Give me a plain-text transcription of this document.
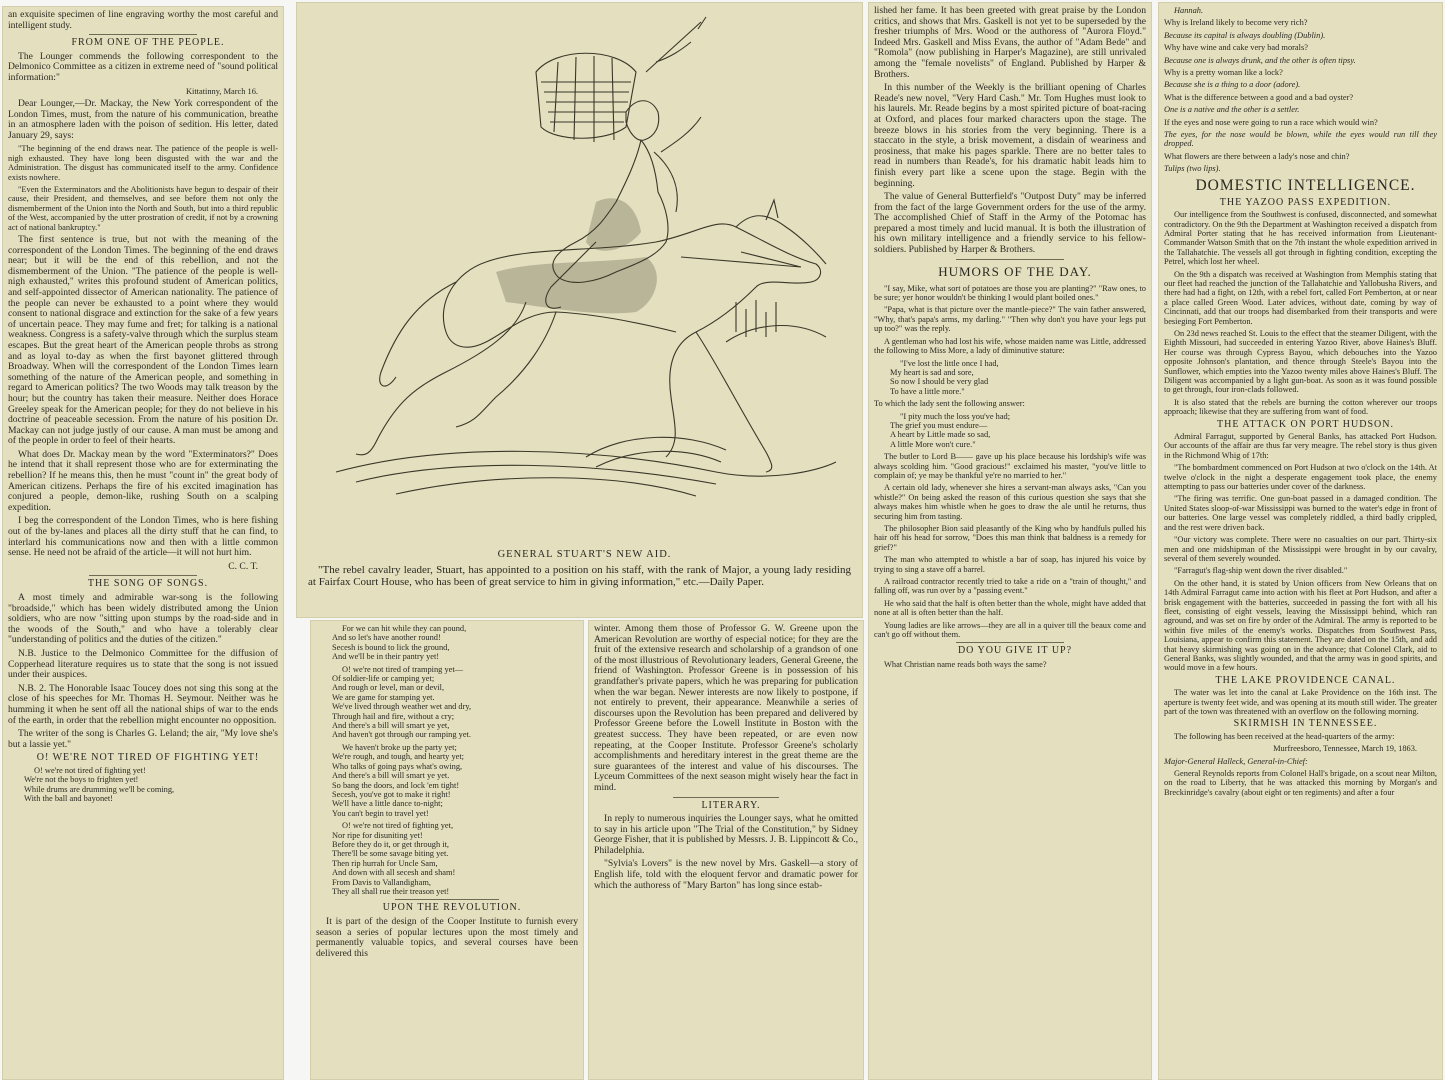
an exquisite specimen of line engraving worthy the most careful and intelligent study.

FROM ONE OF THE PEOPLE.

The Lounger commends the following correspondent to the Delmonico Committee as a citizen in extreme need of "sound political information:"

Kittatinny, March 16.

Dear Lounger,—Dr. Mackay, the New York correspondent of the London Times, must, from the nature of his communication, breathe in an atmosphere laden with the poison of sedition. His letter, dated January 29, says:

"The beginning of the end draws near. The patience of the people is well-nigh exhausted. They have long been disgusted with the war and the Administration. The disgust has communicated itself to the army. Confidence exists nowhere.

"Even the Exterminators and the Abolitionists have begun to despair of their cause, their President, and themselves, and see before them not only the dismemberment of the Union into the North and South, but into a third republic of the West, accompanied by the utter prostration of credit, if not by a crowning act of national bankruptcy."

The first sentence is true, but not with the meaning of the correspondent of the London Times. The beginning of the end draws near; but it will be the end of this rebellion, and not the dismemberment of the Union. "The patience of the people is well-nigh exhausted," writes this profound student of American politics, and self-appointed dissector of American nationality. The patience of the people can never be exhausted to a point where they would consent to national disgrace and extinction for the sake of a few years of uncertain peace. They may fume and fret; for talking is a national weakness. Congress is a safety-valve through which the surplus steam escapes. But the great heart of the American people throbs as strong and as loyal to-day as when the first bayonet glittered through Broadway. When will the correspondent of the London Times learn something of the nature of the American people, and something in regard to American politics? The two Woods may talk treason by the hour; but the country has taken their measure. Neither does Horace Greeley speak for the American people; for they do not believe in his doctrine of peaceable secession. From the nature of his position Dr. Mackay can not judge justly of our cause. A man must be among and of the people in order to feel of their hearts.

What does Dr. Mackay mean by the word "Exterminators?" Does he intend that it shall represent those who are for exterminating the rebellion? If he means this, then he must "count in" the great body of American citizens. Perhaps the fire of his excited imagination has conjured a people, demon-like, rushing South on a scalping expedition.

I beg the correspondent of the London Times, who is here fishing out of the by-lanes and places all the dirty stuff that he can find, to interlard his communications now and then with a little common sense. He need not be afraid of the article—it will not hurt him.

C. C. T.

THE SONG OF SONGS.

A most timely and admirable war-song is the following "broadside," which has been widely distributed among the Union soldiers, who are now "sitting upon stumps by the road-side and in the woods of the South," and who have a tolerably clear "understanding of politics and the duties of the citizen."

N.B. Justice to the Delmonico Committee for the diffusion of Copperhead literature requires us to state that the song is not issued under their auspices.

N.B. 2. The Honorable Isaac Toucey does not sing this song at the close of his speeches for Mr. Thomas H. Seymour. Neither was he humming it when he sent off all the national ships of war to the ends of the earth, in order that the rebellion might encounter no opposition.

The writer of the song is Charles G. Leland; the air, "My love she's but a lassie yet."

O! WE'RE NOT TIRED OF FIGHTING YET!

O! we're not tired of fighting yet!
We're not the boys to frighten yet!
While drums are drumming we'll be coming,
With the ball and bayonet!

GENERAL STUART'S NEW AID.

"The rebel cavalry leader, Stuart, has appointed to a position on his staff, with the rank of Major, a young lady residing at Fairfax Court House, who has been of great service to him in giving information," etc.—Daily Paper.

For we can hit while they can pound,
And so let's have another round!
Secesh is bound to lick the ground,
And we'll be in their pantry yet!

O! we're not tired of tramping yet—
Of soldier-life or camping yet;
And rough or level, man or devil,
We are game for stamping yet.
We've lived through weather wet and dry,
Through hail and fire, without a cry;
And there's a bill will smart ye yet,
And haven't got through our ramping yet.

We haven't broke up the party yet;
We're rough, and tough, and hearty yet;
Who talks of going pays what's owing,
And there's a bill will smart ye yet.
So bang the doors, and lock 'em tight!
Secesh, you've got to make it right!
We'll have a little dance to-night;
You can't begin to travel yet!

O! we're not tired of fighting yet,
Nor ripe for disuniting yet!
Before they do it, or get through it,
There'll be some savage biting yet.
Then rip hurrah for Uncle Sam,
And down with all secesh and sham!
From Davis to Vallandigham,
They all shall rue their treason yet!

UPON THE REVOLUTION.

It is part of the design of the Cooper Institute to furnish every season a series of popular lectures upon the most timely and permanently valuable topics, and several courses have been delivered this

winter. Among them those of Professor G. W. Greene upon the American Revolution are worthy of especial notice; for they are the fruit of the extensive research and scholarship of a grandson of one of the most illustrious of Revolutionary leaders, General Greene, the friend of Washington. Professor Greene is in possession of his grandfather's private papers, which he was preparing for publication when the war began. Newer interests are now likely to postpone, if not entirely to prevent, their appearance. Meanwhile a series of discourses upon the Revolution has been prepared and delivered by Professor Greene before the Lowell Institute in Boston with the greatest success. They have been repeated, or are even now repeating, at the Cooper Institute. Professor Greene's scholarly accomplishments and hereditary interest in the great theme are the sure guarantees of the interest and value of his discourses. The Lyceum Committees of the next season might wisely hear the fact in mind.

LITERARY.

In reply to numerous inquiries the Lounger says, what he omitted to say in his article upon "The Trial of the Constitution," by Sidney George Fisher, that it is published by Messrs. J. B. Lippincott & Co., Philadelphia.

"Sylvia's Lovers" is the new novel by Mrs. Gaskell—a story of English life, told with the eloquent fervor and dramatic power for which the authoress of "Mary Barton" has long since estab-

lished her fame. It has been greeted with great praise by the London critics, and shows that Mrs. Gaskell is not yet to be superseded by the fresher triumphs of Mrs. Wood or the authoress of "Aurora Floyd." Indeed Mrs. Gaskell and Miss Evans, the author of "Adam Bede" and "Romola" (now publishing in Harper's Magazine), are still unrivaled among the "female novelists" of England. Published by Harper & Brothers.

In this number of the Weekly is the brilliant opening of Charles Reade's new novel, "Very Hard Cash." Mr. Tom Hughes must look to his laurels. Mr. Reade begins by a most spirited picture of boat-racing at Oxford, and places four marked characters upon the stage. The breeze blows in his stories from the very beginning. There is a staccato in the style, a brisk movement, a disdain of weariness and prosiness, that make his pages sparkle. There are no better tales to read in numbers than Reade's, for his dramatic habit leads him to finish every part like a scene upon the stage. Begin with the beginning.

The value of General Butterfield's "Outpost Duty" may be inferred from the fact of the large Government orders for the use of the army. The accomplished Chief of Staff in the Army of the Potomac has prepared a most timely and lucid manual. It is both the illustration of his own military intelligence and a friendly service to his fellow-soldiers. Published by Harper & Brothers.

HUMORS OF THE DAY.

"I say, Mike, what sort of potatoes are those you are planting?" "Raw ones, to be sure; yer honor wouldn't be thinking I would plant boiled ones."

"Papa, what is that picture over the mantle-piece?" The vain father answered, "Why, that's papa's arms, my darling." "Then why don't you have your legs put up too?" was the reply.

A gentleman who had lost his wife, whose maiden name was Little, addressed the following to Miss More, a lady of diminutive stature:

"I've lost the little once I had,
My heart is sad and sore,
So now I should be very glad
To have a little more."

To which the lady sent the following answer:

"I pity much the loss you've had;
The grief you must endure—
A heart by Little made so sad,
A little More won't cure."

The butler to Lord B—— gave up his place because his lordship's wife was always scolding him. "Good gracious!" exclaimed his master, "you've little to complain of; ye may be thankful ye're no married to her."

A certain old lady, whenever she hires a servant-man always asks, "Can you whistle?" On being asked the reason of this curious question she says that she always makes him whistle when he goes to draw the ale until he returns, thus securing him from tasting.

The philosopher Bion said pleasantly of the King who by handfuls pulled his hair off his head for sorrow, "Does this man think that baldness is a remedy for grief?"

The man who attempted to whistle a bar of soap, has injured his voice by trying to sing a stave off a barrel.

A railroad contractor recently tried to take a ride on a "train of thought," and falling off, was run over by a "passing event."

He who said that the half is often better than the whole, might have added that none at all is often better than the half.

Young ladies are like arrows—they are all in a quiver till the beaux come and can't go off without them.

DO YOU GIVE IT UP?

What Christian name reads both ways the same?

Hannah.

Why is Ireland likely to become very rich?

Because its capital is always doubling (Dublin).

Why have wine and cake very bad morals?

Because one is always drunk, and the other is often tipsy.

Why is a pretty woman like a lock?

Because she is a thing to a door (adore).

What is the difference between a good and a bad oyster?

One is a native and the other is a settler.

If the eyes and nose were going to run a race which would win?

The eyes, for the nose would be blown, while the eyes would run till they dropped.

What flowers are there between a lady's nose and chin?

Tulips (two lips).

DOMESTIC INTELLIGENCE.

THE YAZOO PASS EXPEDITION.

Our intelligence from the Southwest is confused, disconnected, and somewhat contradictory. On the 9th the Department at Washington received a dispatch from Admiral Porter stating that he has received information from Lieutenant-Commander Watson Smith that on the 7th instant the whole expedition arrived in the Tallahatchie. The vessels all got through in fighting condition, excepting the Petrel, which lost her wheel.

On the 9th a dispatch was received at Washington from Memphis stating that our fleet had reached the junction of the Tallahatchie and Yallobusha Rivers, and there had had a fight, on 12th, with a rebel fort, called Fort Pemberton, at or near a place called Green Wood. Later advices, without date, coming by way of Cincinnati, add that our troops had disembarked from their transports and were besieging Fort Pemberton.

On 23d news reached St. Louis to the effect that the steamer Diligent, with the Eighth Missouri, had succeeded in entering Yazoo River, above Haines's Bluff. Her course was through Cypress Bayou, which debouches into the Yazoo opposite Johnson's plantation, and thence through Steele's Bayou into the Sunflower, which empties into the Yazoo twenty miles above Haines's Bluff. The Diligent was accompanied by a light gun-boat. As soon as it was found possible to get through, four iron-clads followed.

It is also stated that the rebels are burning the cotton wherever our troops approach; likewise that they are suffering from want of food.

THE ATTACK ON PORT HUDSON.

Admiral Farragut, supported by General Banks, has attacked Port Hudson. Our accounts of the affair are thus far very meagre. The rebel story is thus given in the Richmond Whig of 17th:

"The bombardment commenced on Port Hudson at two o'clock on the 14th. At twelve o'clock in the night a desperate engagement took place, the enemy attempting to pass our batteries under cover of the darkness.

"The firing was terrific. One gun-boat passed in a damaged condition. The United States sloop-of-war Mississippi was burned to the water's edge in front of our batteries. One large vessel was completely riddled, a third badly crippled, and the rest were driven back.

"Our victory was complete. There were no casualties on our part. Thirty-six men and one midshipman of the Mississippi were brought in by our cavalry, several of them severely wounded.

"Farragut's flag-ship went down the river disabled."

On the other hand, it is stated by Union officers from New Orleans that on 14th Admiral Farragut came into action with his fleet at Port Hudson, and after a brisk engagement with the batteries, succeeded in passing the fort with all his fleet, consisting of eight vessels, leaving the Mississippi behind, which ran aground, and was set on fire by order of the Admiral. The army is reported to be within five miles of the enemy's works. Dispatches from Southwest Pass, Louisiana, appear to confirm this statement. They are dated on the 15th, and add that heavy skirmishing was going on in the advance; that Colonel Clark, aid to General Banks, was slightly wounded, and that the army was in good spirits, and would move in a few hours.

THE LAKE PROVIDENCE CANAL.

The water was let into the canal at Lake Providence on the 16th inst. The aperture is twenty feet wide, and was opening at its mouth still wider. The greater part of the town was threatened with an overflow on the following morning.

SKIRMISH IN TENNESSEE.

The following has been received at the head-quarters of the army:

Murfreesboro, Tennessee, March 19, 1863.

Major-General Halleck, General-in-Chief:

General Reynolds reports from Colonel Hall's brigade, on a scout near Milton, on the road to Liberty, that he was attacked this morning by Morgan's and Breckinridge's cavalry (about eight or ten regiments) and after a four
